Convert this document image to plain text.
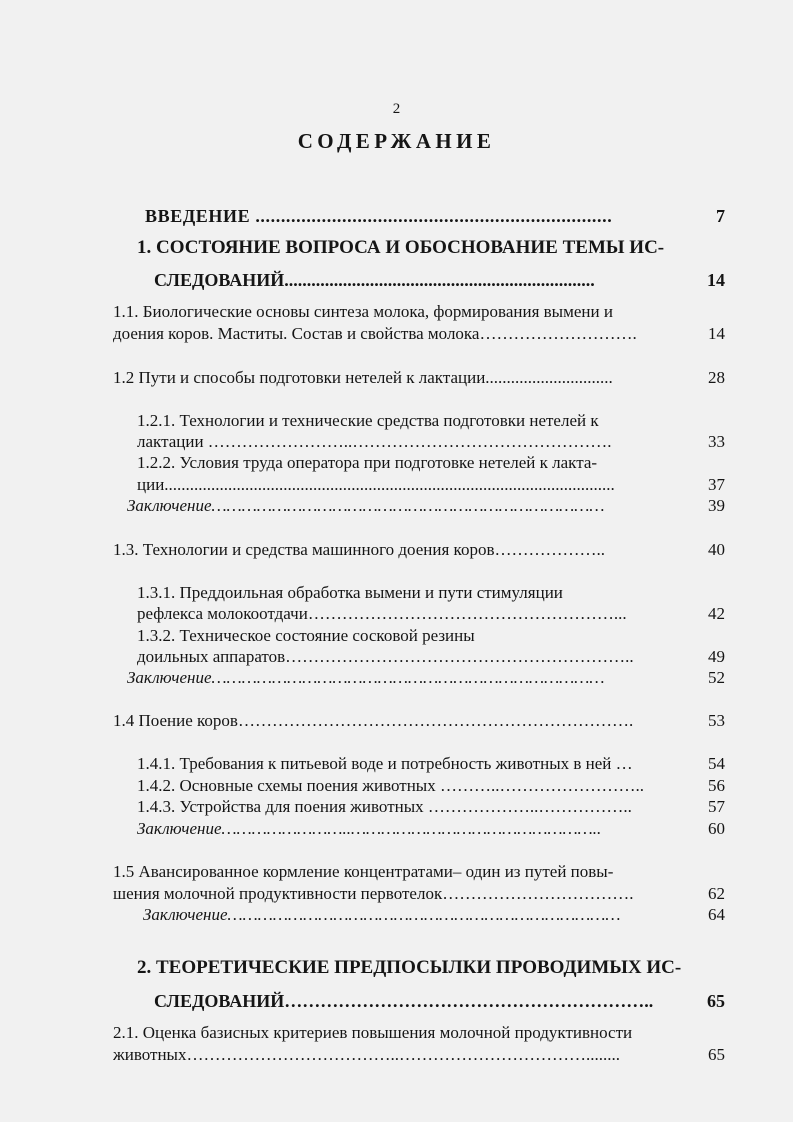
2
СОДЕРЖАНИЕ
ВВЕДЕНИЕ ......................................................................	7
1. СОСТОЯНИЕ ВОПРОСА И ОБОСНОВАНИЕ ТЕМЫ ИС-
СЛЕДОВАНИЙ.....................................................................	14
1.1. Биологические основы синтеза молока, формирования вымени и
доения коров. Маститы. Состав и свойства молока……………………….	14
1.2 Пути и способы подготовки нетелей к лактации..............................	28
1.2.1. Технологии и технические средства подготовки нетелей к
лактации ……………………..……………………………………….	33
1.2.2. Условия труда оператора при подготовке нетелей к лакта-
ции..........................................................................................................	37
Заключение……………………………………………………………………	39
1.3. Технологии и средства машинного доения коров………………..	40
1.3.1. Преддоильная обработка вымени и пути стимуляции
рефлекса молокоотдачи………………………………………………...	42
1.3.2. Техническое состояние сосковой резины
доильных аппаратов……………………………………………………..	49
Заключение……………………………………………………………………	52
1.4 Поение коров…………………………………………………………….	53
1.4.1. Требования к питьевой воде и потребность животных в ней …	54
1.4.2. Основные схемы поения животных ………..……………………..	56
1.4.3. Устройства для поения животных ………………..……………..	57
Заключение……………………..…………………………………………..	60
1.5 Авансированное кормление концентратами– один из путей повы-
шения молочной продуктивности первотелок…………………………….	62
Заключение……………………………………………………………………	64
2. ТЕОРЕТИЧЕСКИЕ ПРЕДПОСЫЛКИ ПРОВОДИМЫХ ИС-
СЛЕДОВАНИЙ……………………………………………………..	65
2.1. Оценка базисных критериев повышения молочной продуктивности
животных………………………………..……………………………........	65
